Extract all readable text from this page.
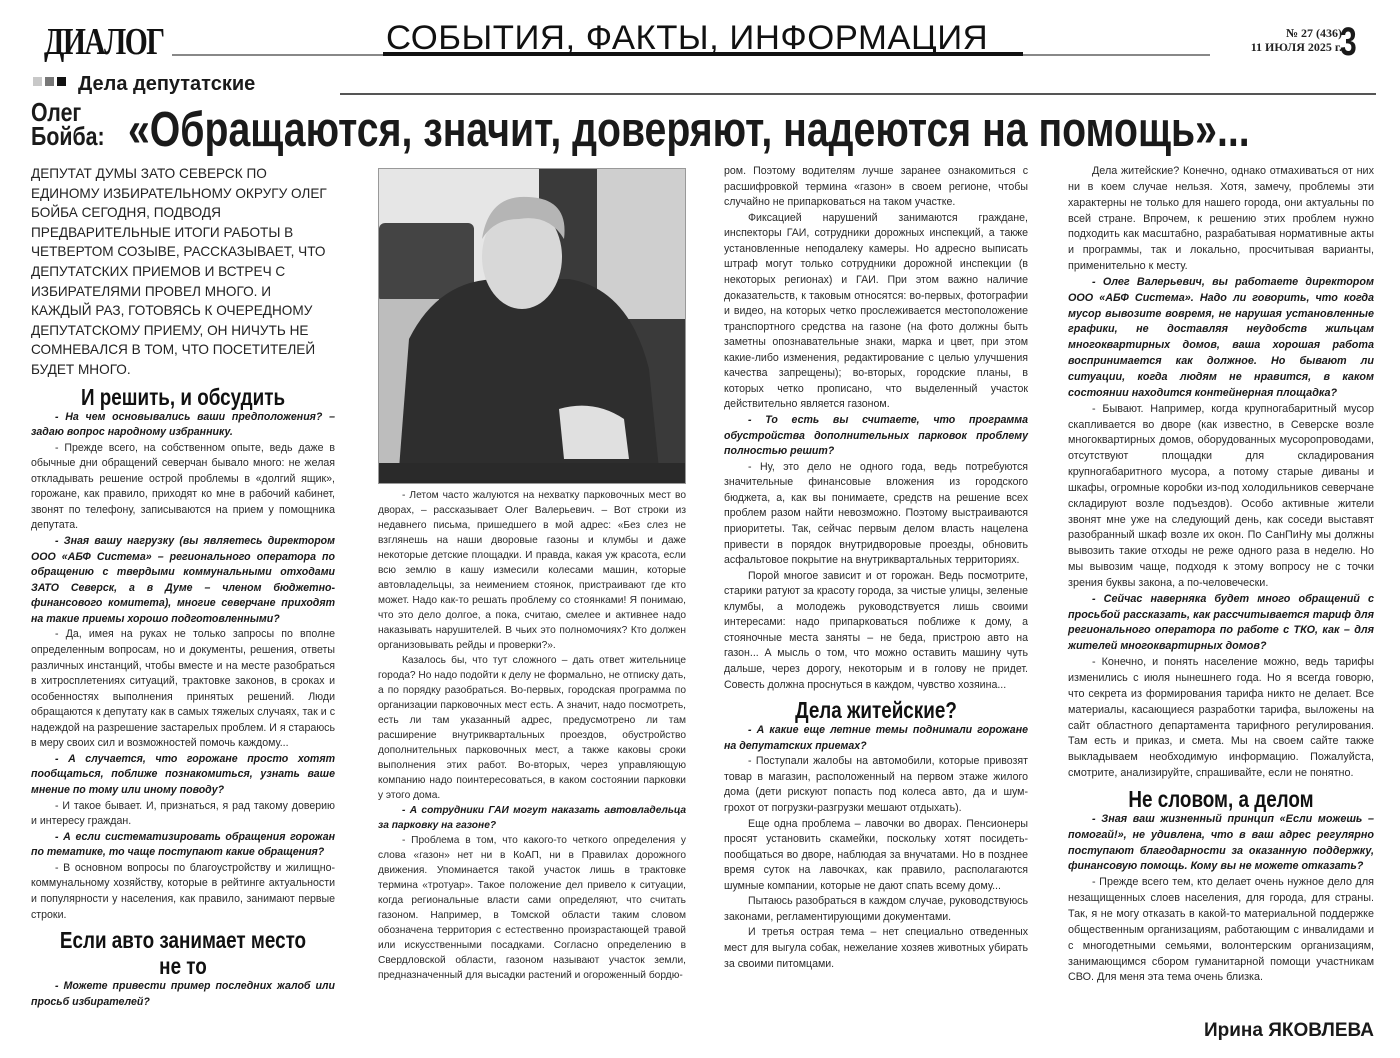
ДИАЛОГ	СОБЫТИЯ, ФАКТЫ, ИНФОРМАЦИЯ	№ 27 (436)
11 ИЮЛЯ 2025 г.
3
Дела депутатские
Олег
Бойба: «Обращаются, значит, доверяют, надеются на помощь»...

ДЕПУТАТ ДУМЫ ЗАТО СЕВЕРСК ПО ЕДИНОМУ ИЗБИРАТЕЛЬНОМУ ОКРУГУ ОЛЕГ БОЙБА СЕГОДНЯ, ПОДВОДЯ ПРЕДВАРИТЕЛЬНЫЕ ИТОГИ РАБОТЫ В ЧЕТВЕРТОМ СОЗЫВЕ, РАССКАЗЫВАЕТ, ЧТО ДЕПУТАТСКИХ ПРИЕМОВ И ВСТРЕЧ С ИЗБИРАТЕЛЯМИ ПРОВЕЛ МНОГО. И КАЖДЫЙ РАЗ, ГОТОВЯСЬ К ОЧЕРЕДНОМУ ДЕПУТАТСКОМУ ПРИЕМУ, ОН НИЧУТЬ НЕ СОМНЕВАЛСЯ В ТОМ, ЧТО ПОСЕТИТЕЛЕЙ БУДЕТ МНОГО.

И решить, и обсудить

- На чем основывались ваши предположения? – задаю вопрос народному избраннику.

- Прежде всего, на собственном опыте, ведь даже в обычные дни обращений северчан бывало много: не желая откладывать решение острой проблемы в «долгий ящик», горожане, как правило, приходят ко мне в рабочий кабинет, звонят по телефону, записываются на прием у помощника депутата.

- Зная вашу нагрузку (вы являетесь директором ООО «АБФ Система» – регионального оператора по обращению с твердыми коммунальными отходами ЗАТО Северск, а в Думе – членом бюджетно-финансового комитета), многие северчане приходят на такие приемы хорошо подготовленными?

- Да, имея на руках не только запросы по вполне определенным вопросам, но и документы, решения, ответы различных инстанций, чтобы вместе и на месте разобраться в хитросплетениях ситуаций, трактовке законов, в сроках и особенностях выполнения принятых решений. Люди обращаются к депутату как в самых тяжелых случаях, так и с надеждой на разрешение застарелых проблем. И я стараюсь в меру своих сил и возможностей помочь каждому...

- А случается, что горожане просто хотят пообщаться, поближе познакомиться, узнать ваше мнение по тому или иному поводу?

- И такое бывает. И, признаться, я рад такому доверию и интересу граждан.

- А если систематизировать обращения горожан по тематике, то чаще поступают какие обращения?

- В основном вопросы по благоустройству и жилищно-коммунальному хозяйству, которые в рейтинге актуальности и популярности у населения, как правило, занимают первые строки.

Если авто занимает место не то

- Можете привести пример последних жалоб или просьб избирателей?

- Летом часто жалуются на нехватку парковочных мест во дворах, – рассказывает Олег Валерьевич. – Вот строки из недавнего письма, пришедшего в мой адрес: «Без слез не взглянешь на наши дворовые газоны и клумбы и даже некоторые детские площадки. И правда, какая уж красота, если всю землю в кашу измесили колесами машин, которые автовладельцы, за неимением стоянок, пристраивают где кто может. Надо как-то решать проблему со стоянками! Я понимаю, что это дело долгое, а пока, считаю, смелее и активнее надо наказывать нарушителей. В чьих это полномочиях? Кто должен организовывать рейды и проверки?».

Казалось бы, что тут сложного – дать ответ жительнице города? Но надо подойти к делу не формально, не отписку дать, а по порядку разобраться. Во-первых, городская программа по организации парковочных мест есть. А значит, надо посмотреть, есть ли там указанный адрес, предусмотрено ли там расширение внутриквартальных проездов, обустройство дополнительных парковочных мест, а также каковы сроки выполнения этих работ. Во-вторых, через управляющую компанию надо поинтересоваться, в каком состоянии парковки у этого дома.

- А сотрудники ГАИ могут наказать автовладельца за парковку на газоне?

- Проблема в том, что какого-то четкого определения у слова «газон» нет ни в КоАП, ни в Правилах дорожного движения. Упоминается такой участок лишь в трактовке термина «тротуар». Такое положение дел привело к ситуации, когда региональные власти сами определяют, что считать газоном. Например, в Томской области таким словом обозначена территория с естественно произрастающей травой или искусственными посадками. Согласно определению в Свердловской области, газоном называют участок земли, предназначенный для высадки растений и огороженный бордю-

ром. Поэтому водителям лучше заранее ознакомиться с расшифровкой термина «газон» в своем регионе, чтобы случайно не припарковаться на таком участке.

Фиксацией нарушений занимаются граждане, инспекторы ГАИ, сотрудники дорожных инспекций, а также установленные неподалеку камеры. Но адресно выписать штраф могут только сотрудники дорожной инспекции (в некоторых регионах) и ГАИ. При этом важно наличие доказательств, к таковым относятся: во-первых, фотографии и видео, на которых четко прослеживается местоположение транспортного средства на газоне (на фото должны быть заметны опознавательные знаки, марка и цвет, при этом какие-либо изменения, редактирование с целью улучшения качества запрещены); во-вторых, городские планы, в которых четко прописано, что выделенный участок действительно является газоном.

- То есть вы считаете, что программа обустройства дополнительных парковок проблему полностью решит?

- Ну, это дело не одного года, ведь потребуются значительные финансовые вложения из городского бюджета, а, как вы понимаете, средств на решение всех проблем разом найти невозможно. Поэтому выстраиваются приоритеты. Так, сейчас первым делом власть нацелена привести в порядок внутридворовые проезды, обновить асфальтовое покрытие на внутриквартальных территориях.

Порой многое зависит и от горожан. Ведь посмотрите, старики ратуют за красоту города, за чистые улицы, зеленые клумбы, а молодежь руководствуется лишь своими интересами: надо припарковаться поближе к дому, а стояночные места заняты – не беда, пристрою авто на газон... А мысль о том, что можно оставить машину чуть дальше, через дорогу, некоторым и в голову не придет. Совесть должна проснуться в каждом, чувство хозяина...

Дела житейские?

- А какие еще летние темы поднимали горожане на депутатских приемах?

- Поступали жалобы на автомобили, которые привозят товар в магазин, расположенный на первом этаже жилого дома (дети рискуют попасть под колеса авто, да и шум-грохот от погрузки-разгрузки мешают отдыхать).

Еще одна проблема – лавочки во дворах. Пенсионеры просят установить скамейки, поскольку хотят посидеть-пообщаться во дворе, наблюдая за внучатами. Но в позднее время суток на лавочках, как правило, располагаются шумные компании, которые не дают спать всему дому...

Пытаюсь разобраться в каждом случае, руководствуюсь законами, регламентирующими документами.

И третья острая тема – нет специально отведенных мест для выгула собак, нежелание хозяев животных убирать за своими питомцами.

Дела житейские? Конечно, однако отмахиваться от них ни в коем случае нельзя. Хотя, замечу, проблемы эти характерны не только для нашего города, они актуальны по всей стране. Впрочем, к решению этих проблем нужно подходить как масштабно, разрабатывая нормативные акты и программы, так и локально, просчитывая варианты, применительно к месту.

- Олег Валерьевич, вы работаете директором ООО «АБФ Система». Надо ли говорить, что когда мусор вывозите вовремя, не нарушая установленные графики, не доставляя неудобств жильцам многоквартирных домов, ваша хорошая работа воспринимается как должное. Но бывают ли ситуации, когда людям не нравится, в каком состоянии находится контейнерная площадка?

- Бывают. Например, когда крупногабаритный мусор скапливается во дворе (как известно, в Северске возле многоквартирных домов, оборудованных мусоропроводами, отсутствуют площадки для складирования крупногабаритного мусора, а потому старые диваны и шкафы, огромные коробки из-под холодильников северчане складируют возле подъездов). Особо активные жители звонят мне уже на следующий день, как соседи выставят разобранный шкаф возле их окон. По СанПиНу мы должны вывозить такие отходы не реже одного раза в неделю. Но мы вывозим чаще, подходя к этому вопросу не с точки зрения буквы закона, а по-человечески.

- Сейчас наверняка будет много обращений с просьбой рассказать, как рассчитывается тариф для регионального оператора по работе с ТКО, как – для жителей многоквартирных домов?

- Конечно, и понять население можно, ведь тарифы изменились с июля нынешнего года. Но я всегда говорю, что секрета из формирования тарифа никто не делает. Все материалы, касающиеся разработки тарифа, выложены на сайт областного департамента тарифного регулирования. Там есть и приказ, и смета. Мы на своем сайте также выкладываем необходимую информацию. Пожалуйста, смотрите, анализируйте, спрашивайте, если не понятно.

Не словом, а делом

- Зная ваш жизненный принцип «Если можешь – помогай!», не удивлена, что в ваш адрес регулярно поступают благодарности за оказанную поддержку, финансовую помощь. Кому вы не можете отказать?

- Прежде всего тем, кто делает очень нужное дело для незащищенных слоев населения, для города, для страны. Так, я не могу отказать в какой-то материальной поддержке общественным организациям, работающим с инвалидами и с многодетными семьями, волонтерским организациям, занимающимся сбором гуманитарной помощи участникам СВО. Для меня эта тема очень близка.

Ирина ЯКОВЛЕВА
